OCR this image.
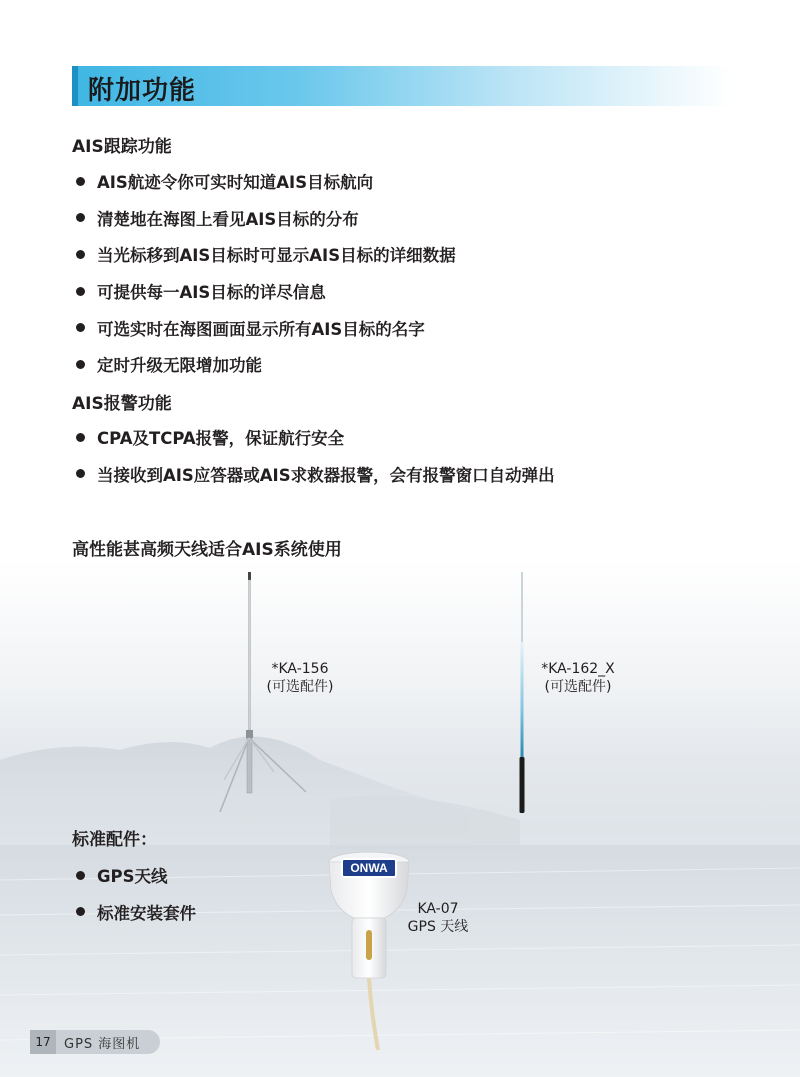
附加功能
AIS跟踪功能
AIS航迹令你可实时知道AIS目标航向
清楚地在海图上看见AIS目标的分布
当光标移到AIS目标时可显示AIS目标的详细数据
可提供每一AIS目标的详尽信息
可选实时在海图画面显示所有AIS目标的名字
定时升级无限增加功能
AIS报警功能
CPA及TCPA报警，保证航行安全
当接收到AIS应答器或AIS求救器报警，会有报警窗口自动弹出
高性能甚高频天线适合AIS系统使用
*KA-156
(可选配件)
*KA-162_X
(可选配件)
标准配件：
GPS天线
标准安装套件
ONWA
KA-07
GPS 天线
17	GPS 海图机
